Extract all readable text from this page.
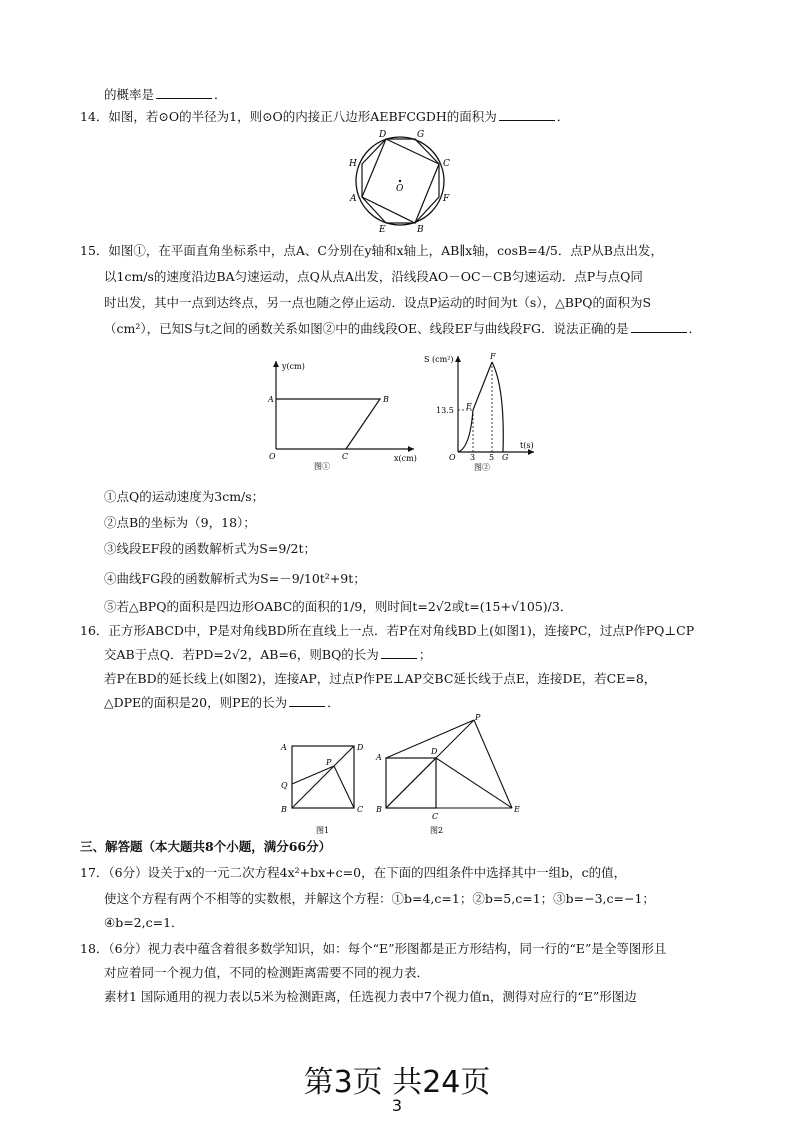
的概率是	．
14．如图，若⊙O的半径为1，则⊙O的内接正八边形AEBFCGDH的面积为	．
D	G
H	C
O
A	F
E	B
15．如图①，在平面直角坐标系中，点A、C分别在y轴和x轴上，AB∥x轴，cosB=4/5．点P从B点出发，
以1cm/s的速度沿边BA匀速运动，点Q从点A出发，沿线段AO－OC－CB匀速运动．点P与点Q同
时出发，其中一点到达终点，另一点也随之停止运动．设点P运动的时间为t（s），△BPQ的面积为S
（cm²），已知S与t之间的函数关系如图②中的曲线段OE、线段EF与曲线段FG．说法正确的是	．
y(cm)
x(cm)
A	B
O	C
图①
S (cm²)
t(s)
F
E
13.5
O 3 5 G
图②
①点Q的运动速度为3cm/s；
②点B的坐标为（9，18）；
③线段EF段的函数解析式为S=9/2t；
④曲线FG段的函数解析式为S=－9/10t²+9t；
⑤若△BPQ的面积是四边形OABC的面积的1/9，则时间t=2√2或t=(15+√105)/3．
16．正方形ABCD中，P是对角线BD所在直线上一点．若P在对角线BD上(如图1)，连接PC，过点P作PQ⊥CP
交AB于点Q．若PD=2√2，AB=6，则BQ的长为	；
若P在BD的延长线上(如图2)，连接AP，过点P作PE⊥AP交BC延长线于点E，连接DE，若CE=8，
△DPE的面积是20，则PE的长为	．
A	D
P
Q
B	C
图1
P
A
D
B
C
E
图2
三、解答题（本大题共8个小题，满分66分）
17．（6分）设关于x的一元二次方程4x²+bx+c=0，在下面的四组条件中选择其中一组b，c的值，
使这个方程有两个不相等的实数根，并解这个方程：①b=4,c=1；②b=5,c=1；③b=−3,c=−1；
④b=2,c=1．
18．（6分）视力表中蕴含着很多数学知识，如：每个“E”形图都是正方形结构，同一行的“E”是全等图形且
对应着同一个视力值，不同的检测距离需要不同的视力表．
素材1 国际通用的视力表以5米为检测距离，任选视力表中7个视力值n，测得对应行的“E”形图边
第3页 共24页
3
